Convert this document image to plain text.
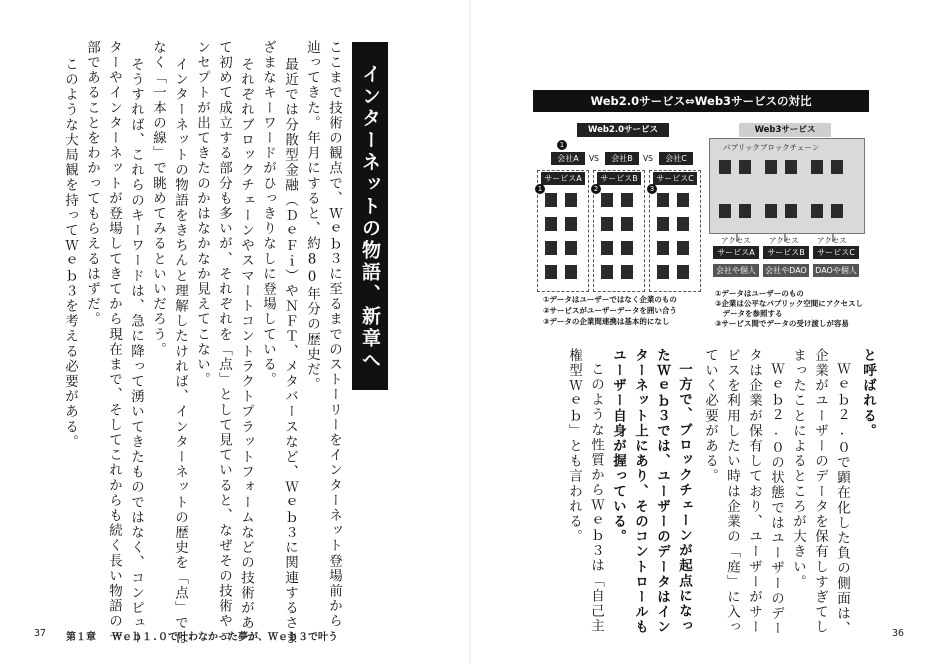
インターネットの物語、新章へ
ここまで技術の観点で、Ｗｅｂ３に至るまでのストーリーをインターネット登場前から
辿ってきた。年月にすると、約80年分の歴史だ。
最近では分散型金融（ＤｅＦｉ）やＮＦＴ、メタバースなど、Ｗｅｂ３に関連するさま
ざまなキーワードがひっきりなしに登場している。
それぞれブロックチェーンやスマートコントラクトプラットフォームなどの技術があっ
て初めて成立する部分も多いが、それぞれを「点」として見ていると、なぜその技術やコ
ンセプトが出てきたのかはなかなか見えてこない。
インターネットの物語をきちんと理解したければ、インターネットの歴史を「点」では
なく「一本の線」で眺めてみるといいだろう。
そうすれば、これらのキーワードは、急に降って湧いてきたものではなく、コンピュー
ターやインターネットが登場してきてから現在まで、そしてこれからも続く長い物語の一
部であることをわかってもらえるはずだ。
このような大局観を持ってＷｅｂ３を考える必要がある。
37 第１章 Ｗｅｂ１.０で叶わなかった夢が、Ｗｅｂ３で叶う
Web2.0サービス⇔Web3サービスの対比
Web2.0サービス
1
会社A	VS	会社B	VS	会社C
サービスA	サービスB	サービスC
1	2	3
Web3サービス
パブリックブロックチェーン
アクセス アクセス アクセス
サービスA	サービスB	サービスC
会社や個人	会社やDAO DAOや個人
①データはユーザーではなく企業のもの
②サービスがユーザーデータを囲い合う
③データの企業間連携は基本的になし
①データはユーザーのもの
②企業は公平なパブリック空間にアクセスし
　データを参照する
③サービス間でデータの受け渡しが容易
と呼ばれる。
Ｗｅｂ２.０で顕在化した負の側面は、
企業がユーザーのデータを保有しすぎてし
まったことによるところが大きい。
Ｗｅｂ２.０の状態ではユーザーのデー
タは企業が保有しており、ユーザーがサー
ビスを利用したい時は企業の「庭」に入っ
ていく必要がある。
一方で、ブロックチェーンが起点になっ
たＷｅｂ３では、ユーザーのデータはイン
ターネット上にあり、そのコントロールも
ユーザー自身が握っている。
このような性質からＷｅｂ３は「自己主
権型Ｗｅｂ」とも言われる。
36
